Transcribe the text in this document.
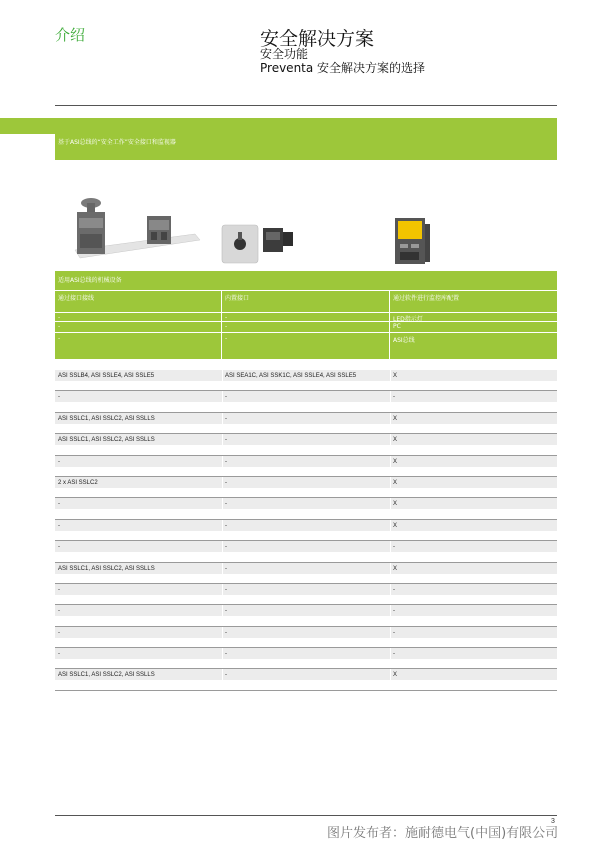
介绍	安全解决方案
安全功能
Preventa 安全解决方案的选择
基于ASI总线的“安全工作”安全接口和监视器
适用ASI总线的机械设备
通过接口接线	内置接口	通过软件进行监控库配置
-	-	LED指示灯
-	-	PC
-	-	ASI总线
ASI SSLB4, ASI SSLE4, ASI SSLE5	ASI SEA1C, ASI SSK1C, ASI SSLE4, ASI SSLE5	X
-	-	-
ASI SSLC1, ASI SSLC2, ASI SSLLS	-	X
ASI SSLC1, ASI SSLC2, ASI SSLLS	-	X
-	-	X
2 x ASI SSLC2	-	X
-	-	X
-	-	X
-	-	-
ASI SSLC1, ASI SSLC2, ASI SSLLS	-	X
-	-	-
-	-	-
-	-	-
-	-	-
ASI SSLC1, ASI SSLC2, ASI SSLLS	-	X
3
图片发布者：施耐德电气(中国)有限公司
